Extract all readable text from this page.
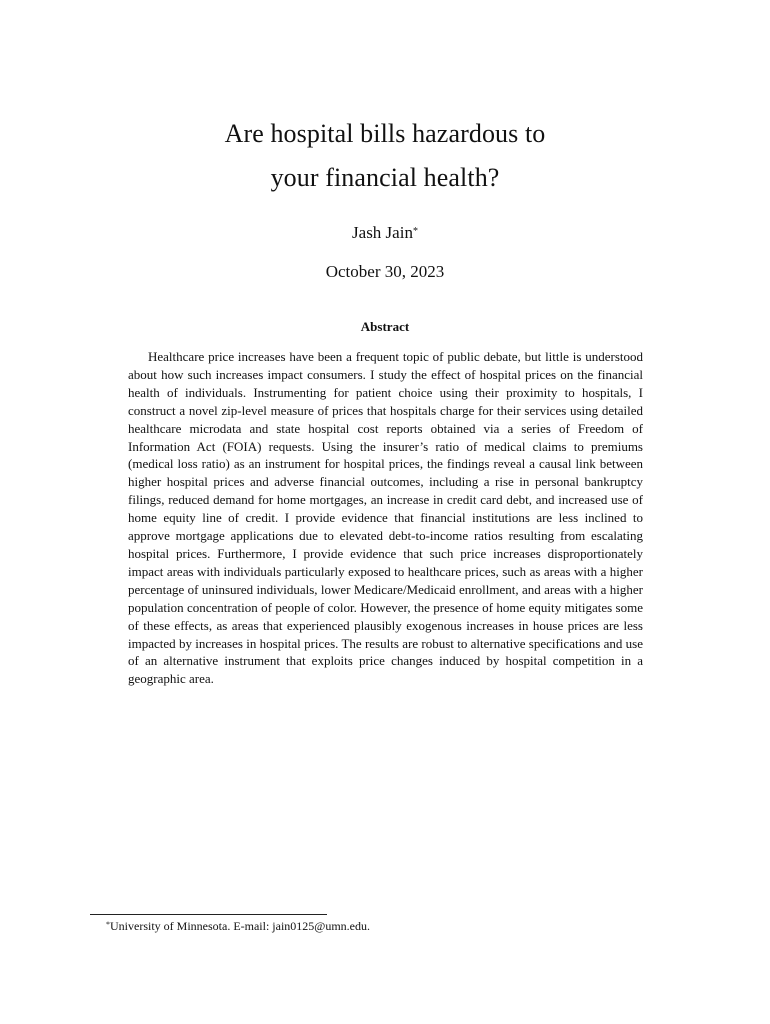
Are hospital bills hazardous to
your financial health?
Jash Jain*
October 30, 2023
Abstract

Healthcare price increases have been a frequent topic of public debate, but little is understood about how such increases impact consumers. I study the effect of hospital prices on the financial health of individuals. Instrumenting for patient choice using their proximity to hospitals, I construct a novel zip-level measure of prices that hospitals charge for their services using detailed healthcare microdata and state hospital cost reports obtained via a series of Freedom of Information Act (FOIA) requests. Using the insurer’s ratio of medical claims to premiums (medical loss ratio) as an instrument for hospital prices, the findings reveal a causal link between higher hospital prices and adverse financial outcomes, including a rise in personal bankruptcy filings, reduced demand for home mortgages, an increase in credit card debt, and increased use of home equity line of credit. I provide evidence that financial institutions are less inclined to approve mortgage applications due to elevated debt-to-income ratios resulting from escalating hospital prices. Furthermore, I provide evidence that such price increases disproportionately impact areas with individuals particularly exposed to healthcare prices, such as areas with a higher percentage of uninsured individuals, lower Medicare/Medicaid enrollment, and areas with a higher population concentration of people of color. However, the presence of home equity mitigates some of these effects, as areas that experienced plausibly exogenous increases in house prices are less impacted by increases in hospital prices. The results are robust to alternative specifications and use of an alternative instrument that exploits price changes induced by hospital competition in a geographic area.

*University of Minnesota. E-mail: jain0125@umn.edu.
